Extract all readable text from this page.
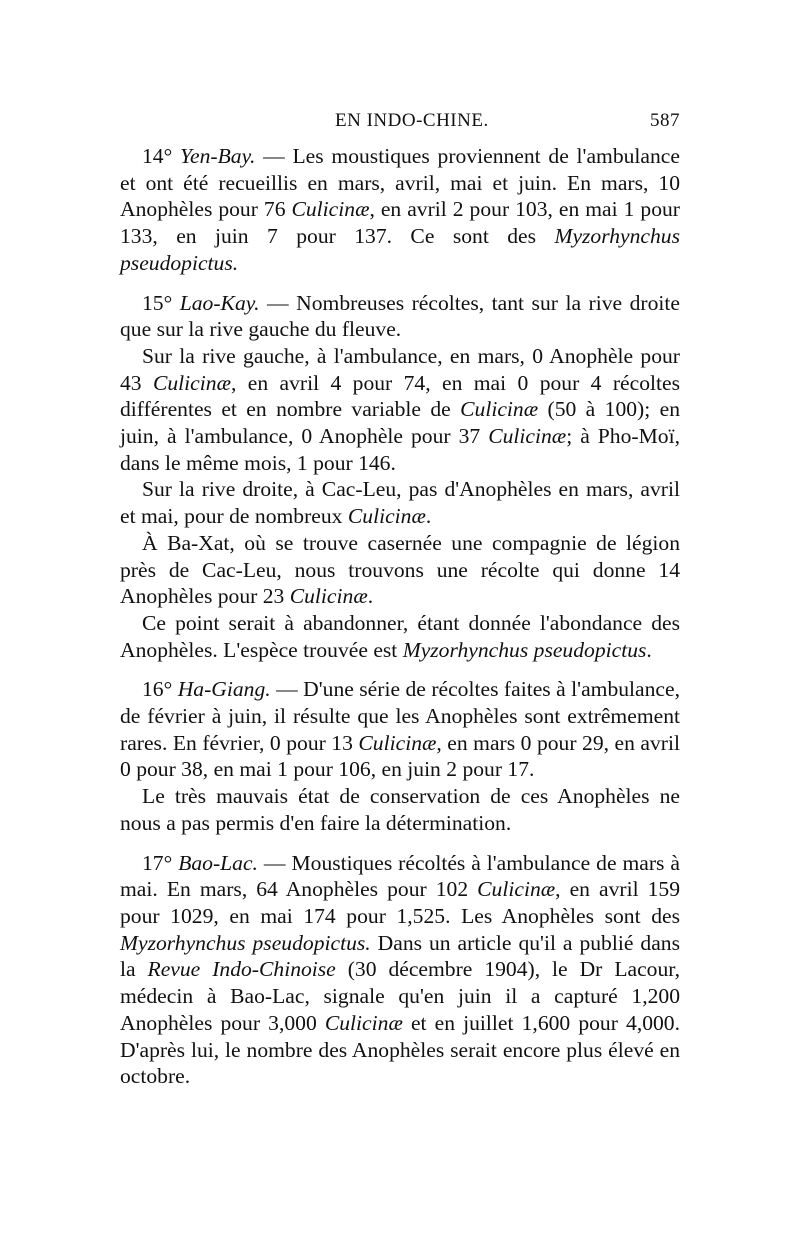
EN INDO-CHINE.	587

14° Yen-Bay. — Les moustiques proviennent de l'ambulance et ont été recueillis en mars, avril, mai et juin. En mars, 10 Anophèles pour 76 Culicinæ, en avril 2 pour 103, en mai 1 pour 133, en juin 7 pour 137. Ce sont des Myzorhynchus pseudopictus.

15° Lao-Kay. — Nombreuses récoltes, tant sur la rive droite que sur la rive gauche du fleuve.

Sur la rive gauche, à l'ambulance, en mars, 0 Anophèle pour 43 Culicinæ, en avril 4 pour 74, en mai 0 pour 4 récoltes différentes et en nombre variable de Culicinæ (50 à 100); en juin, à l'ambulance, 0 Anophèle pour 37 Culicinæ; à Pho-Moï, dans le même mois, 1 pour 146.

Sur la rive droite, à Cac-Leu, pas d'Anophèles en mars, avril et mai, pour de nombreux Culicinæ.

À Ba-Xat, où se trouve casernée une compagnie de légion près de Cac-Leu, nous trouvons une récolte qui donne 14 Anophèles pour 23 Culicinæ.

Ce point serait à abandonner, étant donnée l'abondance des Anophèles. L'espèce trouvée est Myzorhynchus pseudopictus.

16° Ha-Giang. — D'une série de récoltes faites à l'ambulance, de février à juin, il résulte que les Anophèles sont extrêmement rares. En février, 0 pour 13 Culicinæ, en mars 0 pour 29, en avril 0 pour 38, en mai 1 pour 106, en juin 2 pour 17.

Le très mauvais état de conservation de ces Anophèles ne nous a pas permis d'en faire la détermination.

17° Bao-Lac. — Moustiques récoltés à l'ambulance de mars à mai. En mars, 64 Anophèles pour 102 Culicinæ, en avril 159 pour 1029, en mai 174 pour 1,525. Les Anophèles sont des Myzorhynchus pseudopictus. Dans un article qu'il a publié dans la Revue Indo-Chinoise (30 décembre 1904), le Dr Lacour, médecin à Bao-Lac, signale qu'en juin il a capturé 1,200 Anophèles pour 3,000 Culicinæ et en juillet 1,600 pour 4,000. D'après lui, le nombre des Anophèles serait encore plus élevé en octobre.
